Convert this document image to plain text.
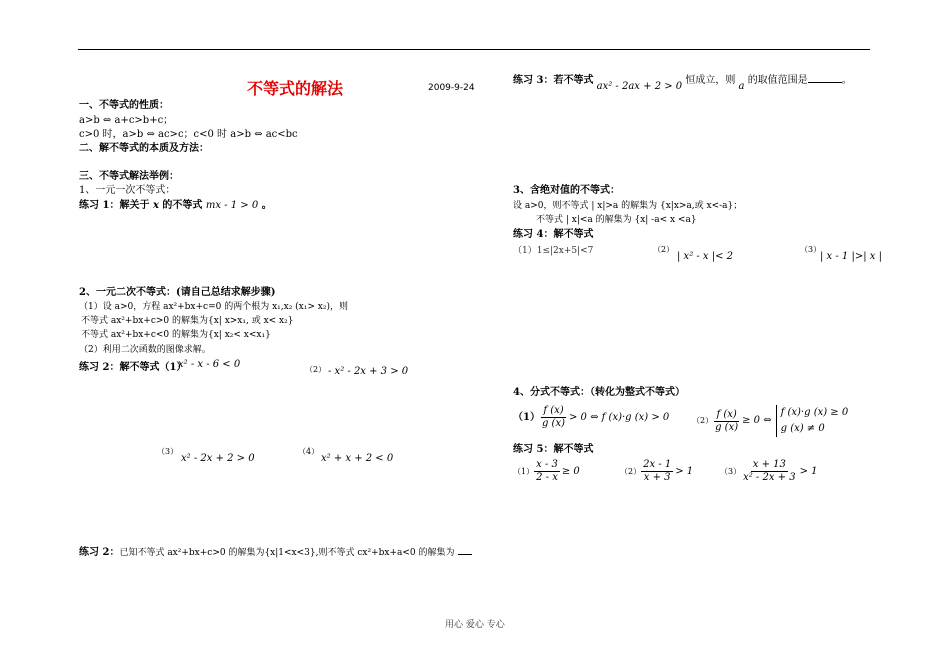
不等式的解法	2009-9-24
一、不等式的性质：
a>b ⇔ a+c>b+c；
c>0 时，a>b ⇔ ac>c；c<0 时 a>b ⇔ ac<bc
二、解不等式的本质及方法：
三、不等式解法举例：
1、一元一次不等式：
练习 1：解关于 x 的不等式 mx - 1 > 0 。
2、一元二次不等式：(请自己总结求解步骤)
（1）设 a>0，方程 ax²+bx+c=0 的两个根为 x₁,x₂ (x₁> x₂)，则
不等式 ax²+bx+c>0 的解集为{x| x>x₁, 或 x< x₂}
不等式 ax²+bx+c<0 的解集为{x| x₂< x<x₁}
（2）利用二次函数的图像求解。
练习 2：解不等式（1）
x² - x - 6 < 0	（2） - x² - 2x + 3 > 0
（3）
x² - 2x + 2 > 0
（4）
x² + x + 2 < 0
练习 2：已知不等式 ax²+bx+c>0 的解集为{x|1<x<3},则不等式 cx²+bx+a<0 的解集为
练习 3：若不等式 ax² - 2ax + 2 > 0 恒成立，则 a 的取值范围是	。
3、含绝对值的不等式：
设 a>0，则不等式 | x|>a 的解集为 {x|x>a,或 x<-a}；
不等式 | x|<a 的解集为 {x| -a< x <a}
练习 4：解不等式
（1）1≤|2x+5|<7	（2）
| x² - x |< 2
（3）
| x - 1 |>| x |
4、分式不等式：（转化为整式不等式）
$(1) \frac{f (x)}{g (x)} > 0$ ⇔ f (x)·g (x) > 0	$(2) \frac{f (x)}{g (x)} \ge 0$ ⇔
f (x)·g (x) ≥ 0
g (x) ≠ 0
练习 5：解不等式
$(1) \frac{x - 3}{2 - x} \ge 0$	$(2) \frac{2x - 1}{x + 3} > 1$	$(3) \frac{x + 13}{\text{x² - 2x + 3}} > 1$
用心 爱心 专心
